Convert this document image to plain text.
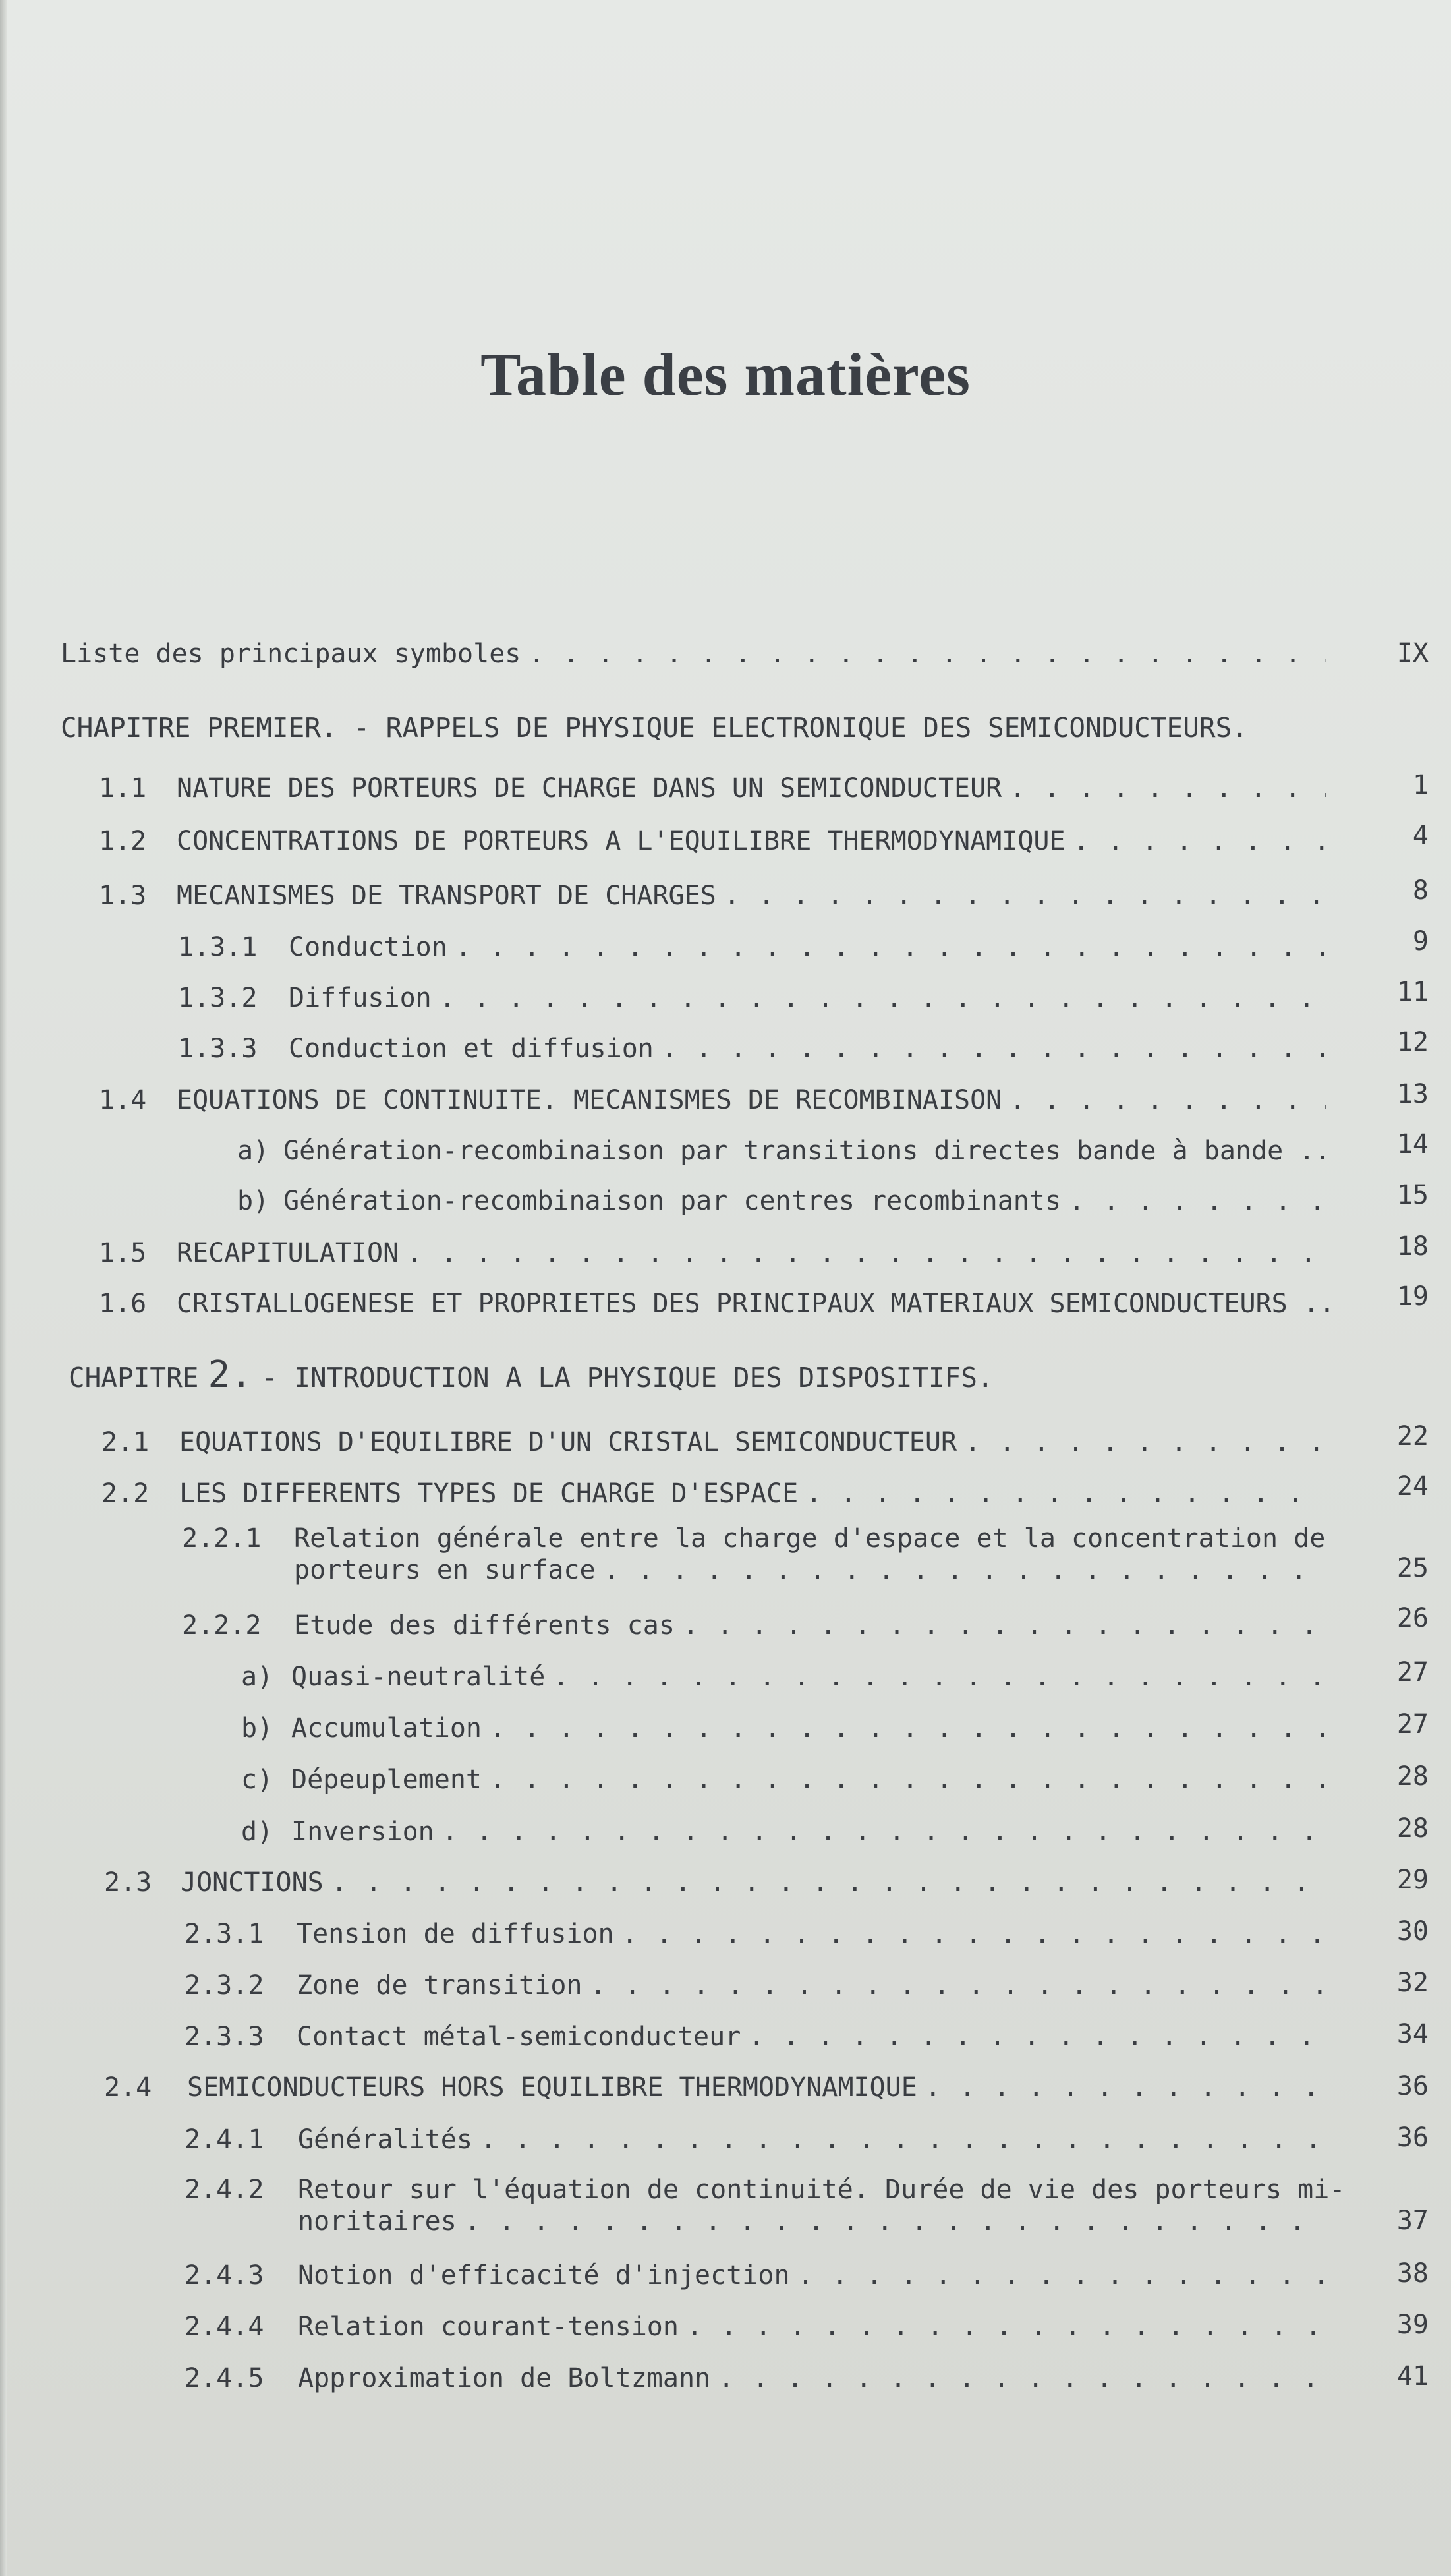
Table des matières
Liste des principaux symboles . . .	IX
CHAPITRE PREMIER. - RAPPELS DE PHYSIQUE ELECTRONIQUE DES SEMICONDUCTEURS.
1.1	NATURE DES PORTEURS DE CHARGE DANS UN SEMICONDUCTEUR . . .	1
1.2	CONCENTRATIONS DE PORTEURS A L'EQUILIBRE THERMODYNAMIQUE . . .	4
1.3	MECANISMES DE TRANSPORT DE CHARGES . . .	8
1.3.1	Conduction . . .	9
1.3.2	Diffusion . . .	11
1.3.3	Conduction et diffusion . . .	12
1.4	EQUATIONS DE CONTINUITE. MECANISMES DE RECOMBINAISON . . .	13
a) Génération-recombinaison par transitions directes bande à bande ..	14
b) Génération-recombinaison par centres recombinants . . .	15
1.5	RECAPITULATION . . .	18
1.6	CRISTALLOGENESE ET PROPRIETES DES PRINCIPAUX MATERIAUX SEMICONDUCTEURS ..	19
CHAPITRE 2. - INTRODUCTION A LA PHYSIQUE DES DISPOSITIFS.
2.1	EQUATIONS D'EQUILIBRE D'UN CRISTAL SEMICONDUCTEUR . . .	22
2.2	LES DIFFERENTS TYPES DE CHARGE D'ESPACE . . .	24
2.2.1	Relation générale entre la charge d'espace et la concentration de
porteurs en surface . . .	25
2.2.2	Etude des différents cas . . .	26
a) Quasi-neutralité . . .	27
b) Accumulation . . .	27
c) Dépeuplement . . .	28
d) Inversion . . .	28
2.3	JONCTIONS . . .	29
2.3.1	Tension de diffusion . . .	30
2.3.2	Zone de transition . . .	32
2.3.3	Contact métal-semiconducteur . . .	34
2.4	SEMICONDUCTEURS HORS EQUILIBRE THERMODYNAMIQUE . . .	36
2.4.1	Généralités . . .	36
2.4.2	Retour sur l'équation de continuité. Durée de vie des porteurs mi-
noritaires . . .	37
2.4.3	Notion d'efficacité d'injection . . .	38
2.4.4	Relation courant-tension . . .	39
2.4.5	Approximation de Boltzmann . . .	41
